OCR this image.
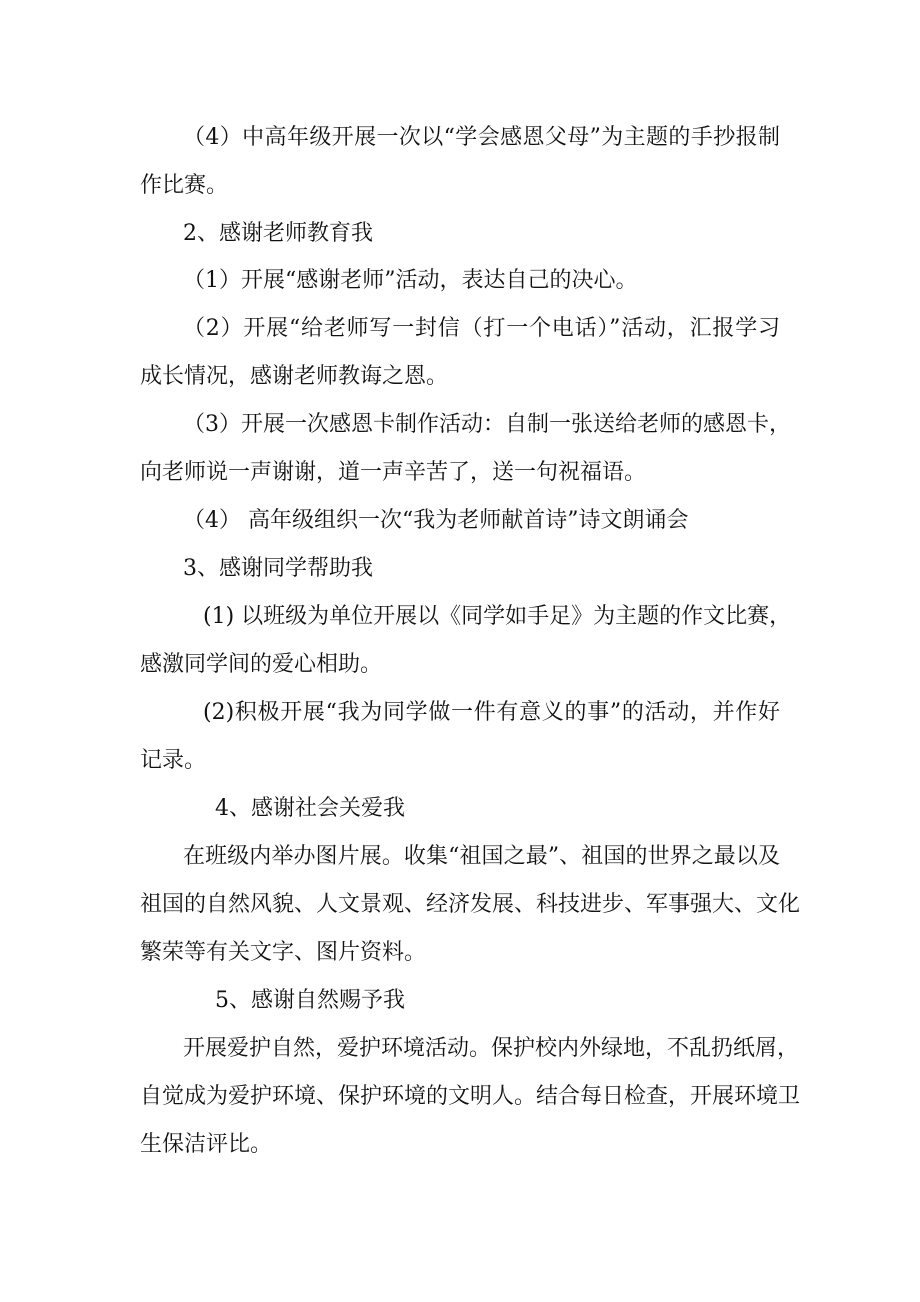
（4）中高年级开展一次以“学会感恩父母”为主题的手抄报制
作比赛。
2、感谢老师教育我
（1）开展“感谢老师”活动，表达自己的决心。
（2）开展“给老师写一封信（打一个电话）”活动，汇报学习
成长情况，感谢老师教诲之恩。
（3）开展一次感恩卡制作活动：自制一张送给老师的感恩卡，
向老师说一声谢谢，道一声辛苦了，送一句祝福语。
（4） 高年级组织一次“我为老师献首诗”诗文朗诵会
3、感谢同学帮助我
(1) 以班级为单位开展以《同学如手足》为主题的作文比赛，
感激同学间的爱心相助。
(2)积极开展“我为同学做一件有意义的事”的活动，并作好
记录。
4、感谢社会关爱我
在班级内举办图片展。收集“祖国之最”、祖国的世界之最以及
祖国的自然风貌、人文景观、经济发展、科技进步、军事强大、文化
繁荣等有关文字、图片资料。
5、感谢自然赐予我
开展爱护自然，爱护环境活动。保护校内外绿地，不乱扔纸屑，
自觉成为爱护环境、保护环境的文明人。结合每日检查，开展环境卫
生保洁评比。
